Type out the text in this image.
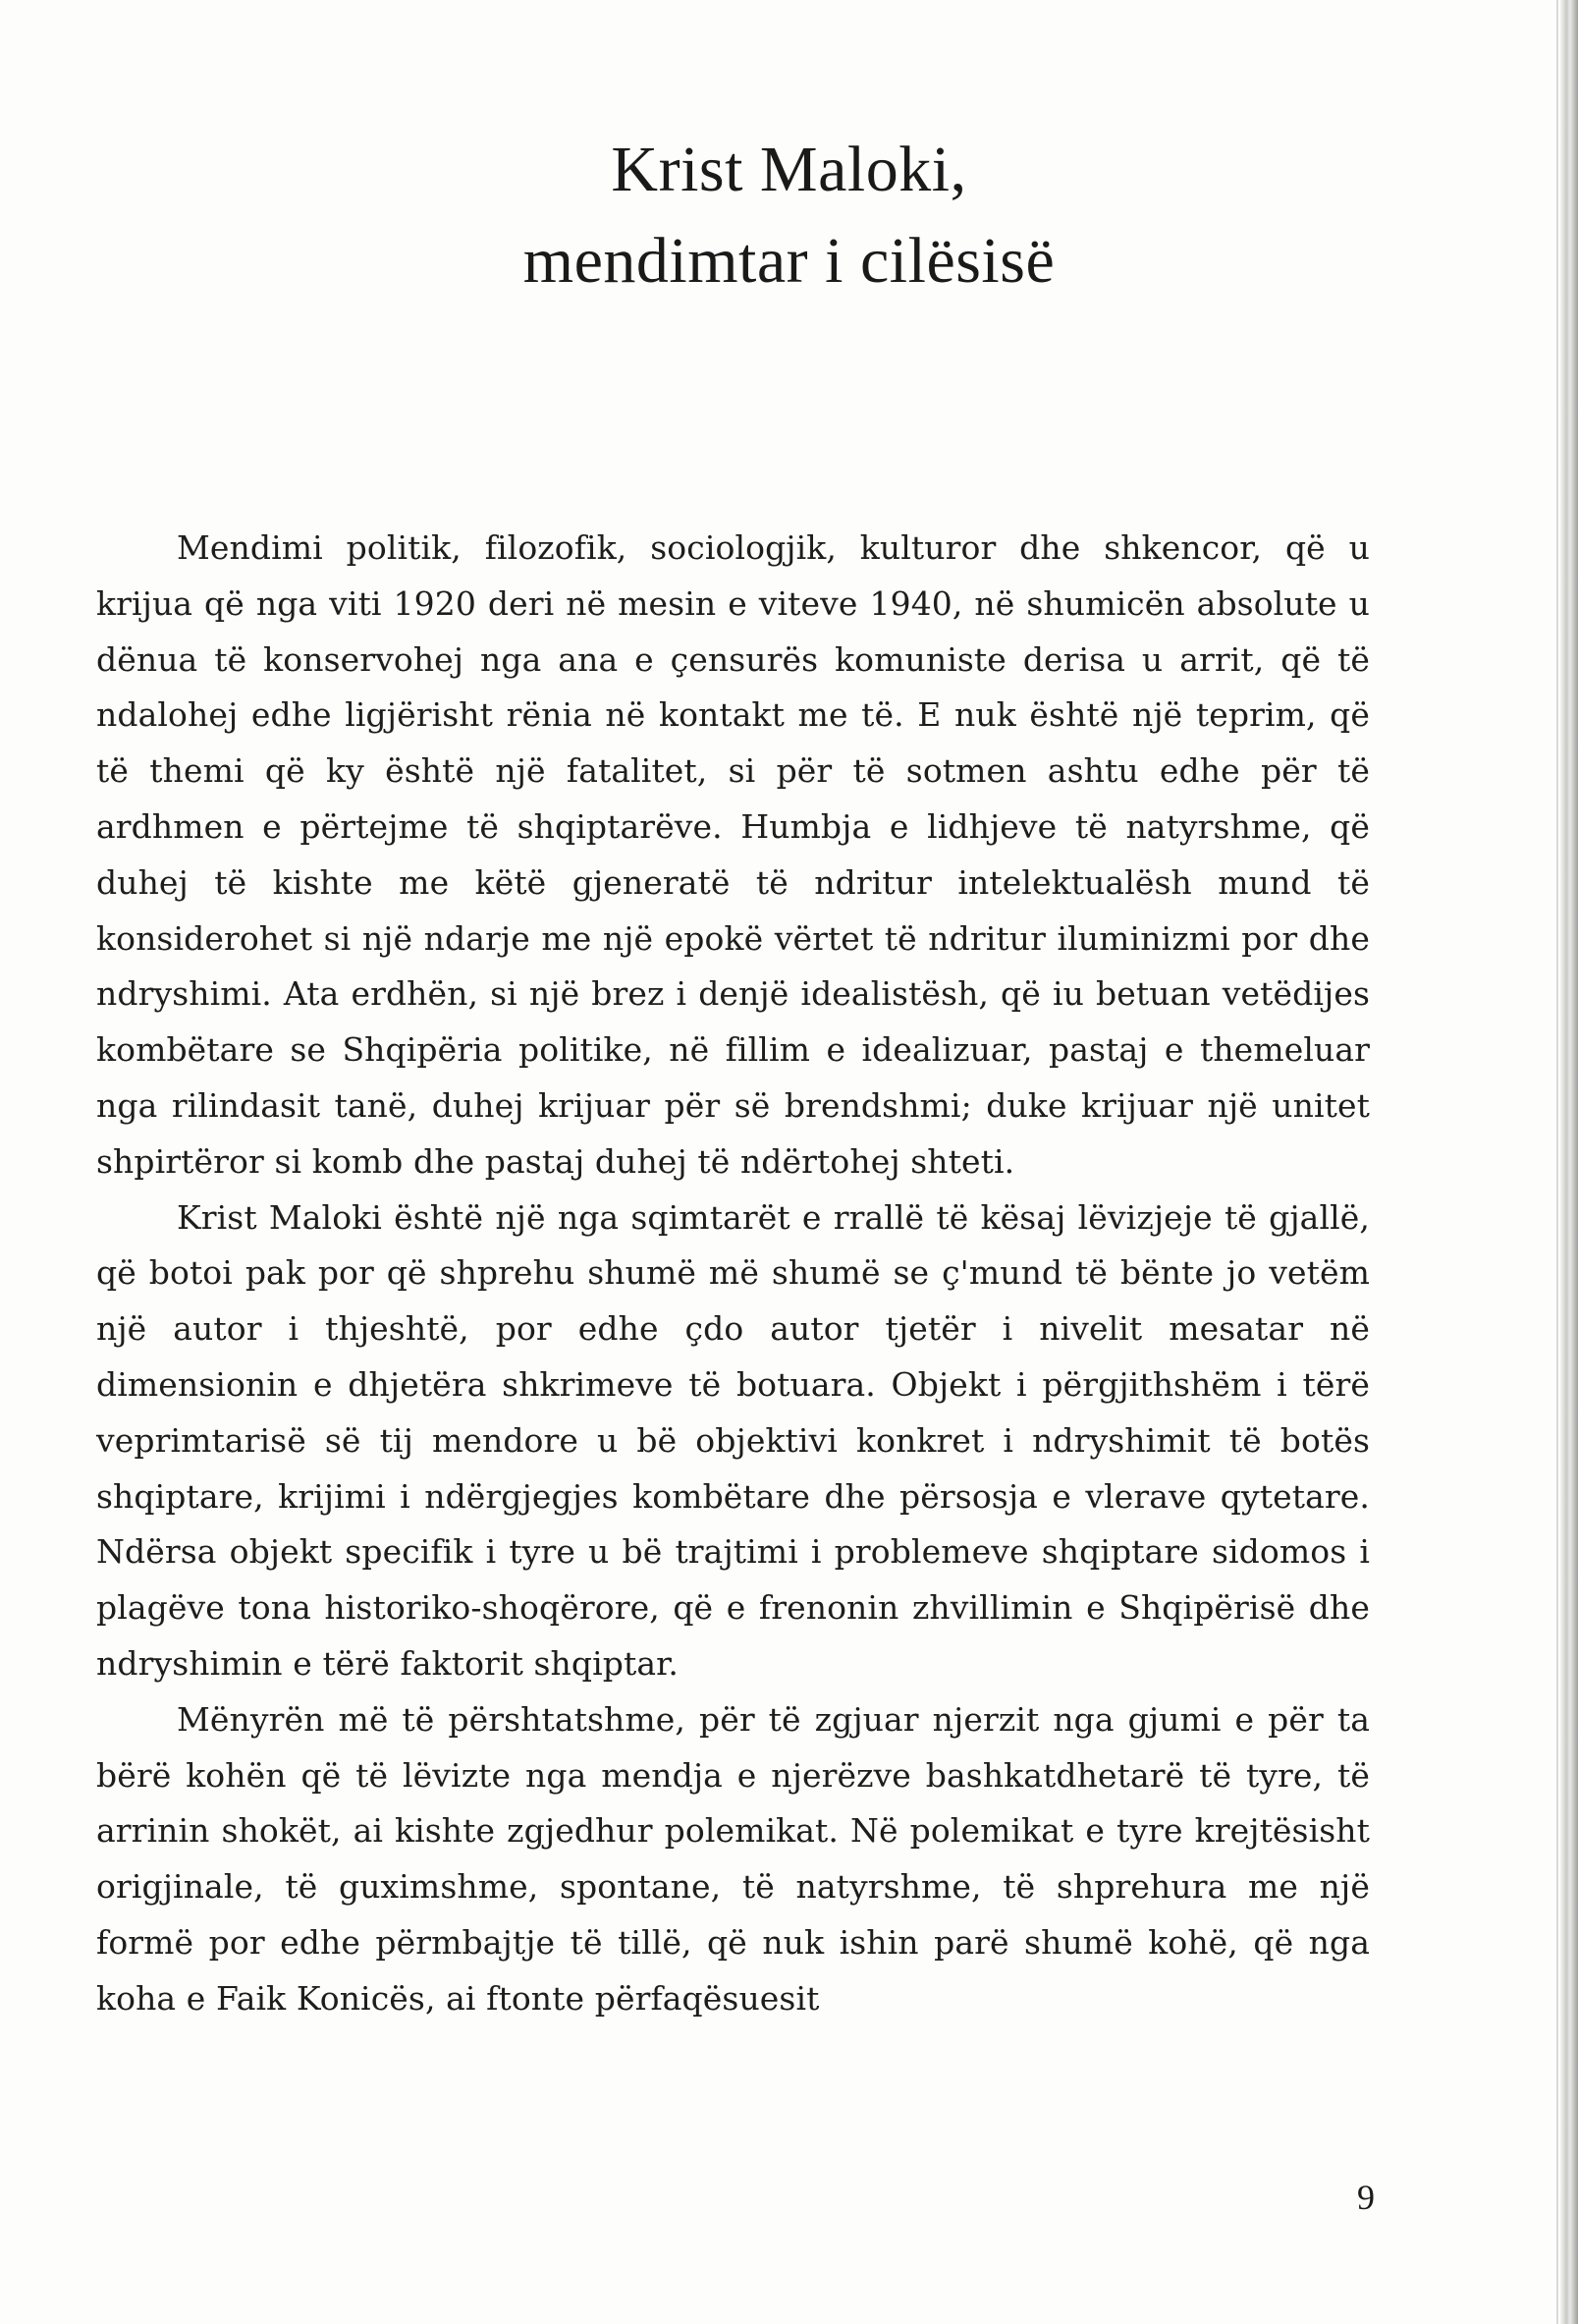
Krist Maloki,
mendimtar i cilësisë

Mendimi politik, filozofik, sociologjik, kulturor dhe shkencor, që u krijua që nga viti 1920 deri në mesin e viteve 1940, në shumicën absolute u dënua të konservohej nga ana e çensurës komuniste derisa u arrit, që të ndalohej edhe ligjërisht rënia në kontakt me të. E nuk është një teprim, që të themi që ky është një fatalitet, si për të sotmen ashtu edhe për të ardhmen e përtejme të shqiptarëve. Humbja e lidhjeve të natyrshme, që duhej të kishte me këtë gjeneratë të ndritur intelektualësh mund të konsiderohet si një ndarje me një epokë vërtet të ndritur iluminizmi por dhe ndryshimi. Ata erdhën, si një brez i denjë idealistësh, që iu betuan vetëdijes kombëtare se Shqipëria politike, në fillim e idealizuar, pastaj e themeluar nga rilindasit tanë, duhej krijuar për së brendshmi; duke krijuar një unitet shpirtëror si komb dhe pastaj duhej të ndërtohej shteti.

Krist Maloki është një nga sqimtarët e rrallë të kësaj lëvizjeje të gjallë, që botoi pak por që shprehu shumë më shumë se ç'mund të bënte jo vetëm një autor i thjeshtë, por edhe çdo autor tjetër i nivelit mesatar në dimensionin e dhjetëra shkrimeve të botuara. Objekt i përgjithshëm i tërë veprimtarisë së tij mendore u bë objektivi konkret i ndryshimit të botës shqiptare, krijimi i ndërgjegjes kombëtare dhe përsosja e vlerave qytetare. Ndërsa objekt specifik i tyre u bë trajtimi i problemeve shqiptare sidomos i plagëve tona historiko-shoqërore, që e frenonin zhvillimin e Shqipërisë dhe ndryshimin e tërë faktorit shqiptar.

Mënyrën më të përshtatshme, për të zgjuar njerzit nga gjumi e për ta bërë kohën që të lëvizte nga mendja e njerëzve bashkatdhetarë të tyre, të arrinin shokët, ai kishte zgjedhur polemikat. Në polemikat e tyre krejtësisht origjinale, të guximshme, spontane, të natyrshme, të shprehura me një formë por edhe përmbajtje të tillë, që nuk ishin parë shumë kohë, që nga koha e Faik Konicës, ai ftonte përfaqësuesit

9
